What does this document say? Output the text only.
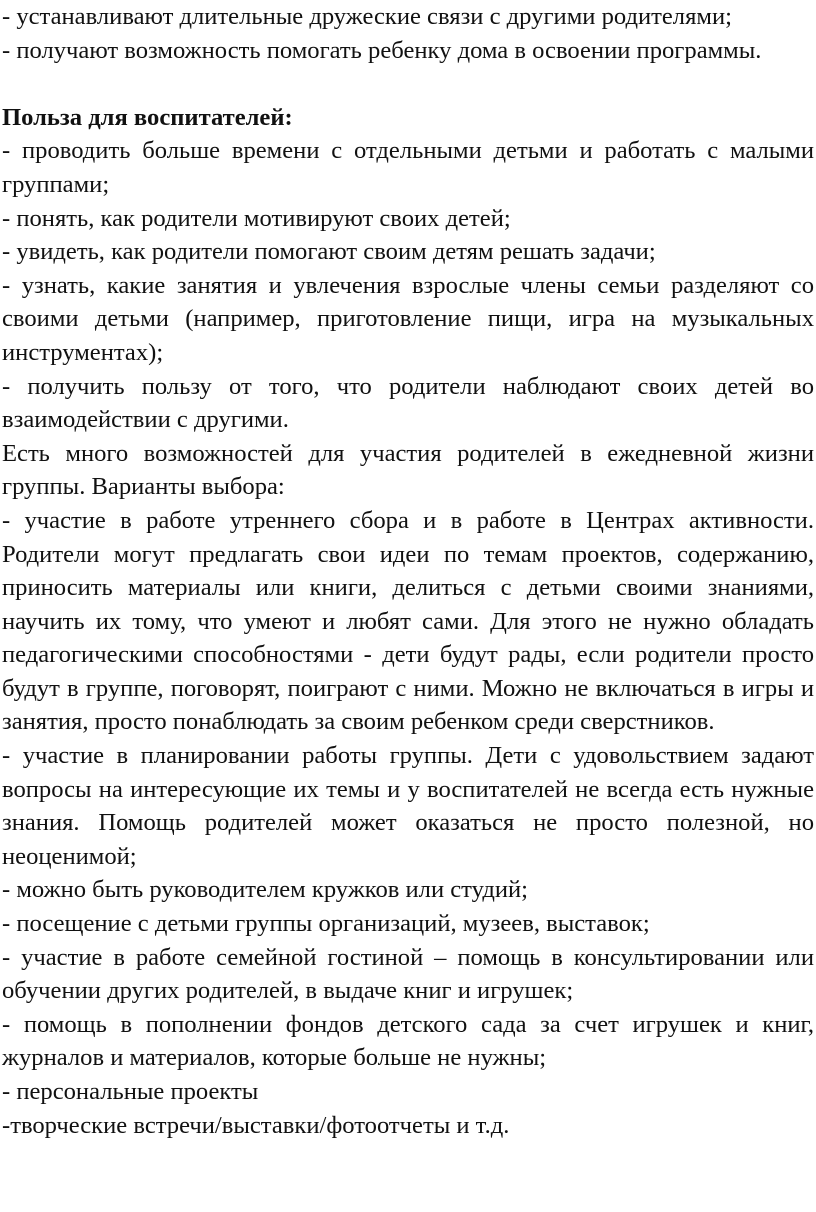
- устанавливают длительные дружеские связи с другими родителями;

- получают возможность помогать ребенку дома в освоении программы.

Польза для воспитателей:

- проводить больше времени с отдельными детьми и работать с малыми группами;

- понять, как родители мотивируют своих детей;

- увидеть, как родители помогают своим детям решать задачи;

- узнать, какие занятия и увлечения взрослые члены семьи разделяют со своими детьми (например, приготовление пищи, игра на музыкальных инструментах);

- получить пользу от того, что родители наблюдают своих детей во взаимодействии с другими.

Есть много возможностей для участия родителей в ежедневной жизни группы. Варианты выбора:

- участие в работе утреннего сбора и в работе в Центрах активности. Родители могут предлагать свои идеи по темам проектов, содержанию, приносить материалы или книги, делиться с детьми своими знаниями, научить их тому, что умеют и любят сами. Для этого не нужно обладать педагогическими способностями - дети будут рады, если родители просто будут в группе, поговорят, поиграют с ними. Можно не включаться в игры и занятия, просто понаблюдать за своим ребенком среди сверстников.

- участие в планировании работы группы. Дети с удовольствием задают вопросы на интересующие их темы и у воспитателей не всегда есть нужные знания. Помощь родителей может оказаться не просто полезной, но неоценимой;

- можно быть руководителем кружков или студий;

- посещение с детьми группы организаций, музеев, выставок;

- участие в работе семейной гостиной – помощь в консультировании или обучении других родителей, в выдаче книг и игрушек;

- помощь в пополнении фондов детского сада за счет игрушек и книг, журналов и материалов, которые больше не нужны;

- персональные проекты

-творческие встречи/выставки/фотоотчеты и т.д.
